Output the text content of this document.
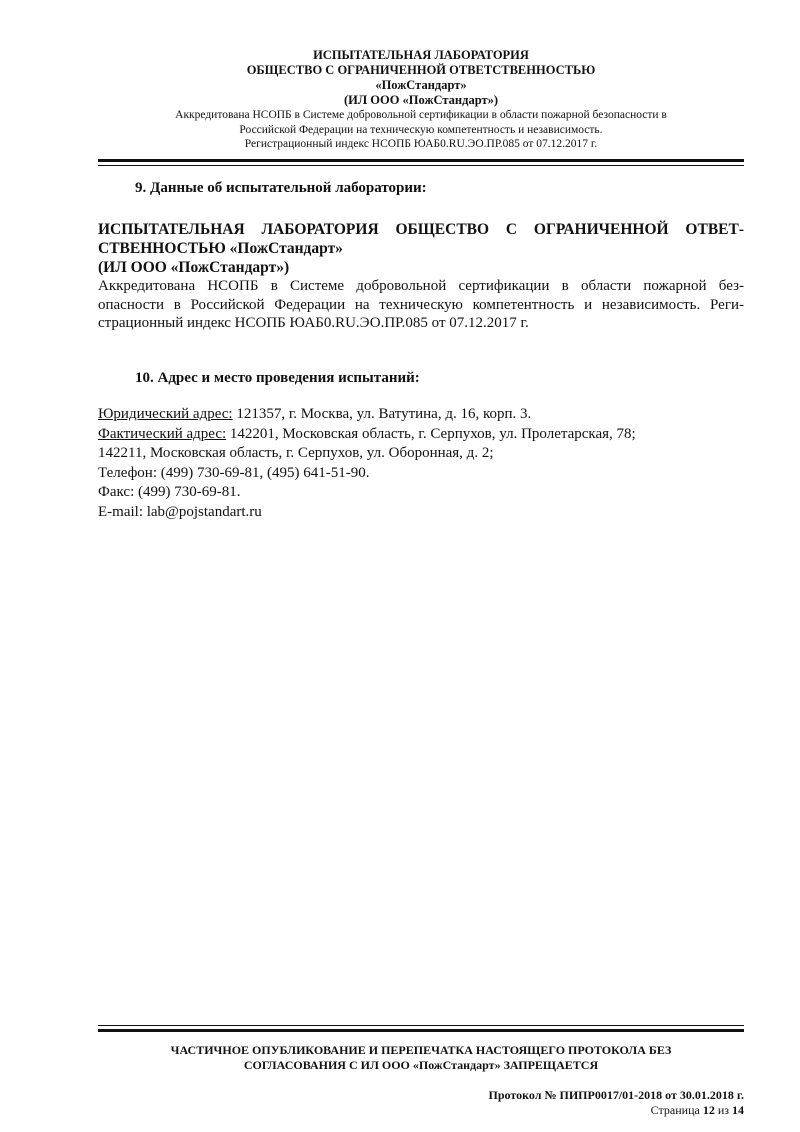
ИСПЫТАТЕЛЬНАЯ ЛАБОРАТОРИЯ
ОБЩЕСТВО С ОГРАНИЧЕННОЙ ОТВЕТСТВЕННОСТЬЮ
«ПожСтандарт»
(ИЛ ООО «ПожСтандарт»)
Аккредитована НСОПБ в Системе добровольной сертификации в области пожарной безопасности в
Российской Федерации на техническую компетентность и независимость.
Регистрационный индекс НСОПБ ЮАБ0.RU.ЭО.ПР.085 от 07.12.2017 г.
9. Данные об испытательной лаборатории:
ИСПЫТАТЕЛЬНАЯ ЛАБОРАТОРИЯ ОБЩЕСТВО С ОГРАНИЧЕННОЙ ОТВЕТ-
СТВЕННОСТЬЮ «ПожСтандарт»
(ИЛ ООО «ПожСтандарт»)
Аккредитована НСОПБ в Системе добровольной сертификации в области пожарной без-
опасности в Российской Федерации на техническую компетентность и независимость. Реги-
страционный индекс НСОПБ ЮАБ0.RU.ЭО.ПР.085 от 07.12.2017 г.
10. Адрес и место проведения испытаний:
Юридический адрес: 121357, г. Москва, ул. Ватутина, д. 16, корп. 3.
Фактический адрес: 142201, Московская область, г. Серпухов, ул. Пролетарская, 78;
142211, Московская область, г. Серпухов, ул. Оборонная, д. 2;
Телефон: (499) 730-69-81, (495) 641-51-90.
Факс: (499) 730-69-81.
E-mail: lab@pojstandart.ru
ЧАСТИЧНОЕ ОПУБЛИКОВАНИЕ И ПЕРЕПЕЧАТКА НАСТОЯЩЕГО ПРОТОКОЛА БЕЗ
СОГЛАСОВАНИЯ С ИЛ ООО «ПожСтандарт» ЗАПРЕЩАЕТСЯ
Протокол № ПИПР0017/01-2018 от 30.01.2018 г.
Страница 12 из 14
